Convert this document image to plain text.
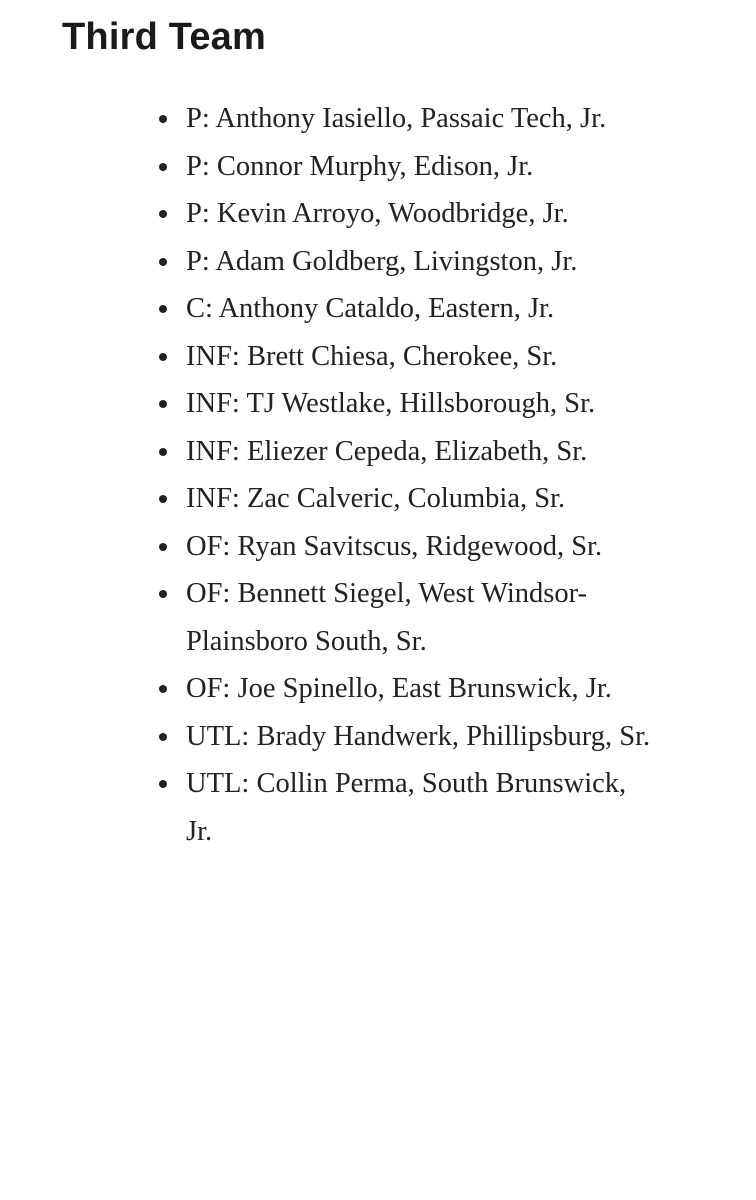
Third Team
P: Anthony Iasiello, Passaic Tech, Jr.
P: Connor Murphy, Edison, Jr.
P: Kevin Arroyo, Woodbridge, Jr.
P: Adam Goldberg, Livingston, Jr.
C: Anthony Cataldo, Eastern, Jr.
INF: Brett Chiesa, Cherokee, Sr.
INF: TJ Westlake, Hillsborough, Sr.
INF: Eliezer Cepeda, Elizabeth, Sr.
INF: Zac Calveric, Columbia, Sr.
OF: Ryan Savitscus, Ridgewood, Sr.
OF: Bennett Siegel, West Windsor-Plainsboro South, Sr.
OF: Joe Spinello, East Brunswick, Jr.
UTL: Brady Handwerk, Phillipsburg, Sr.
UTL: Collin Perma, South Brunswick, Jr.
